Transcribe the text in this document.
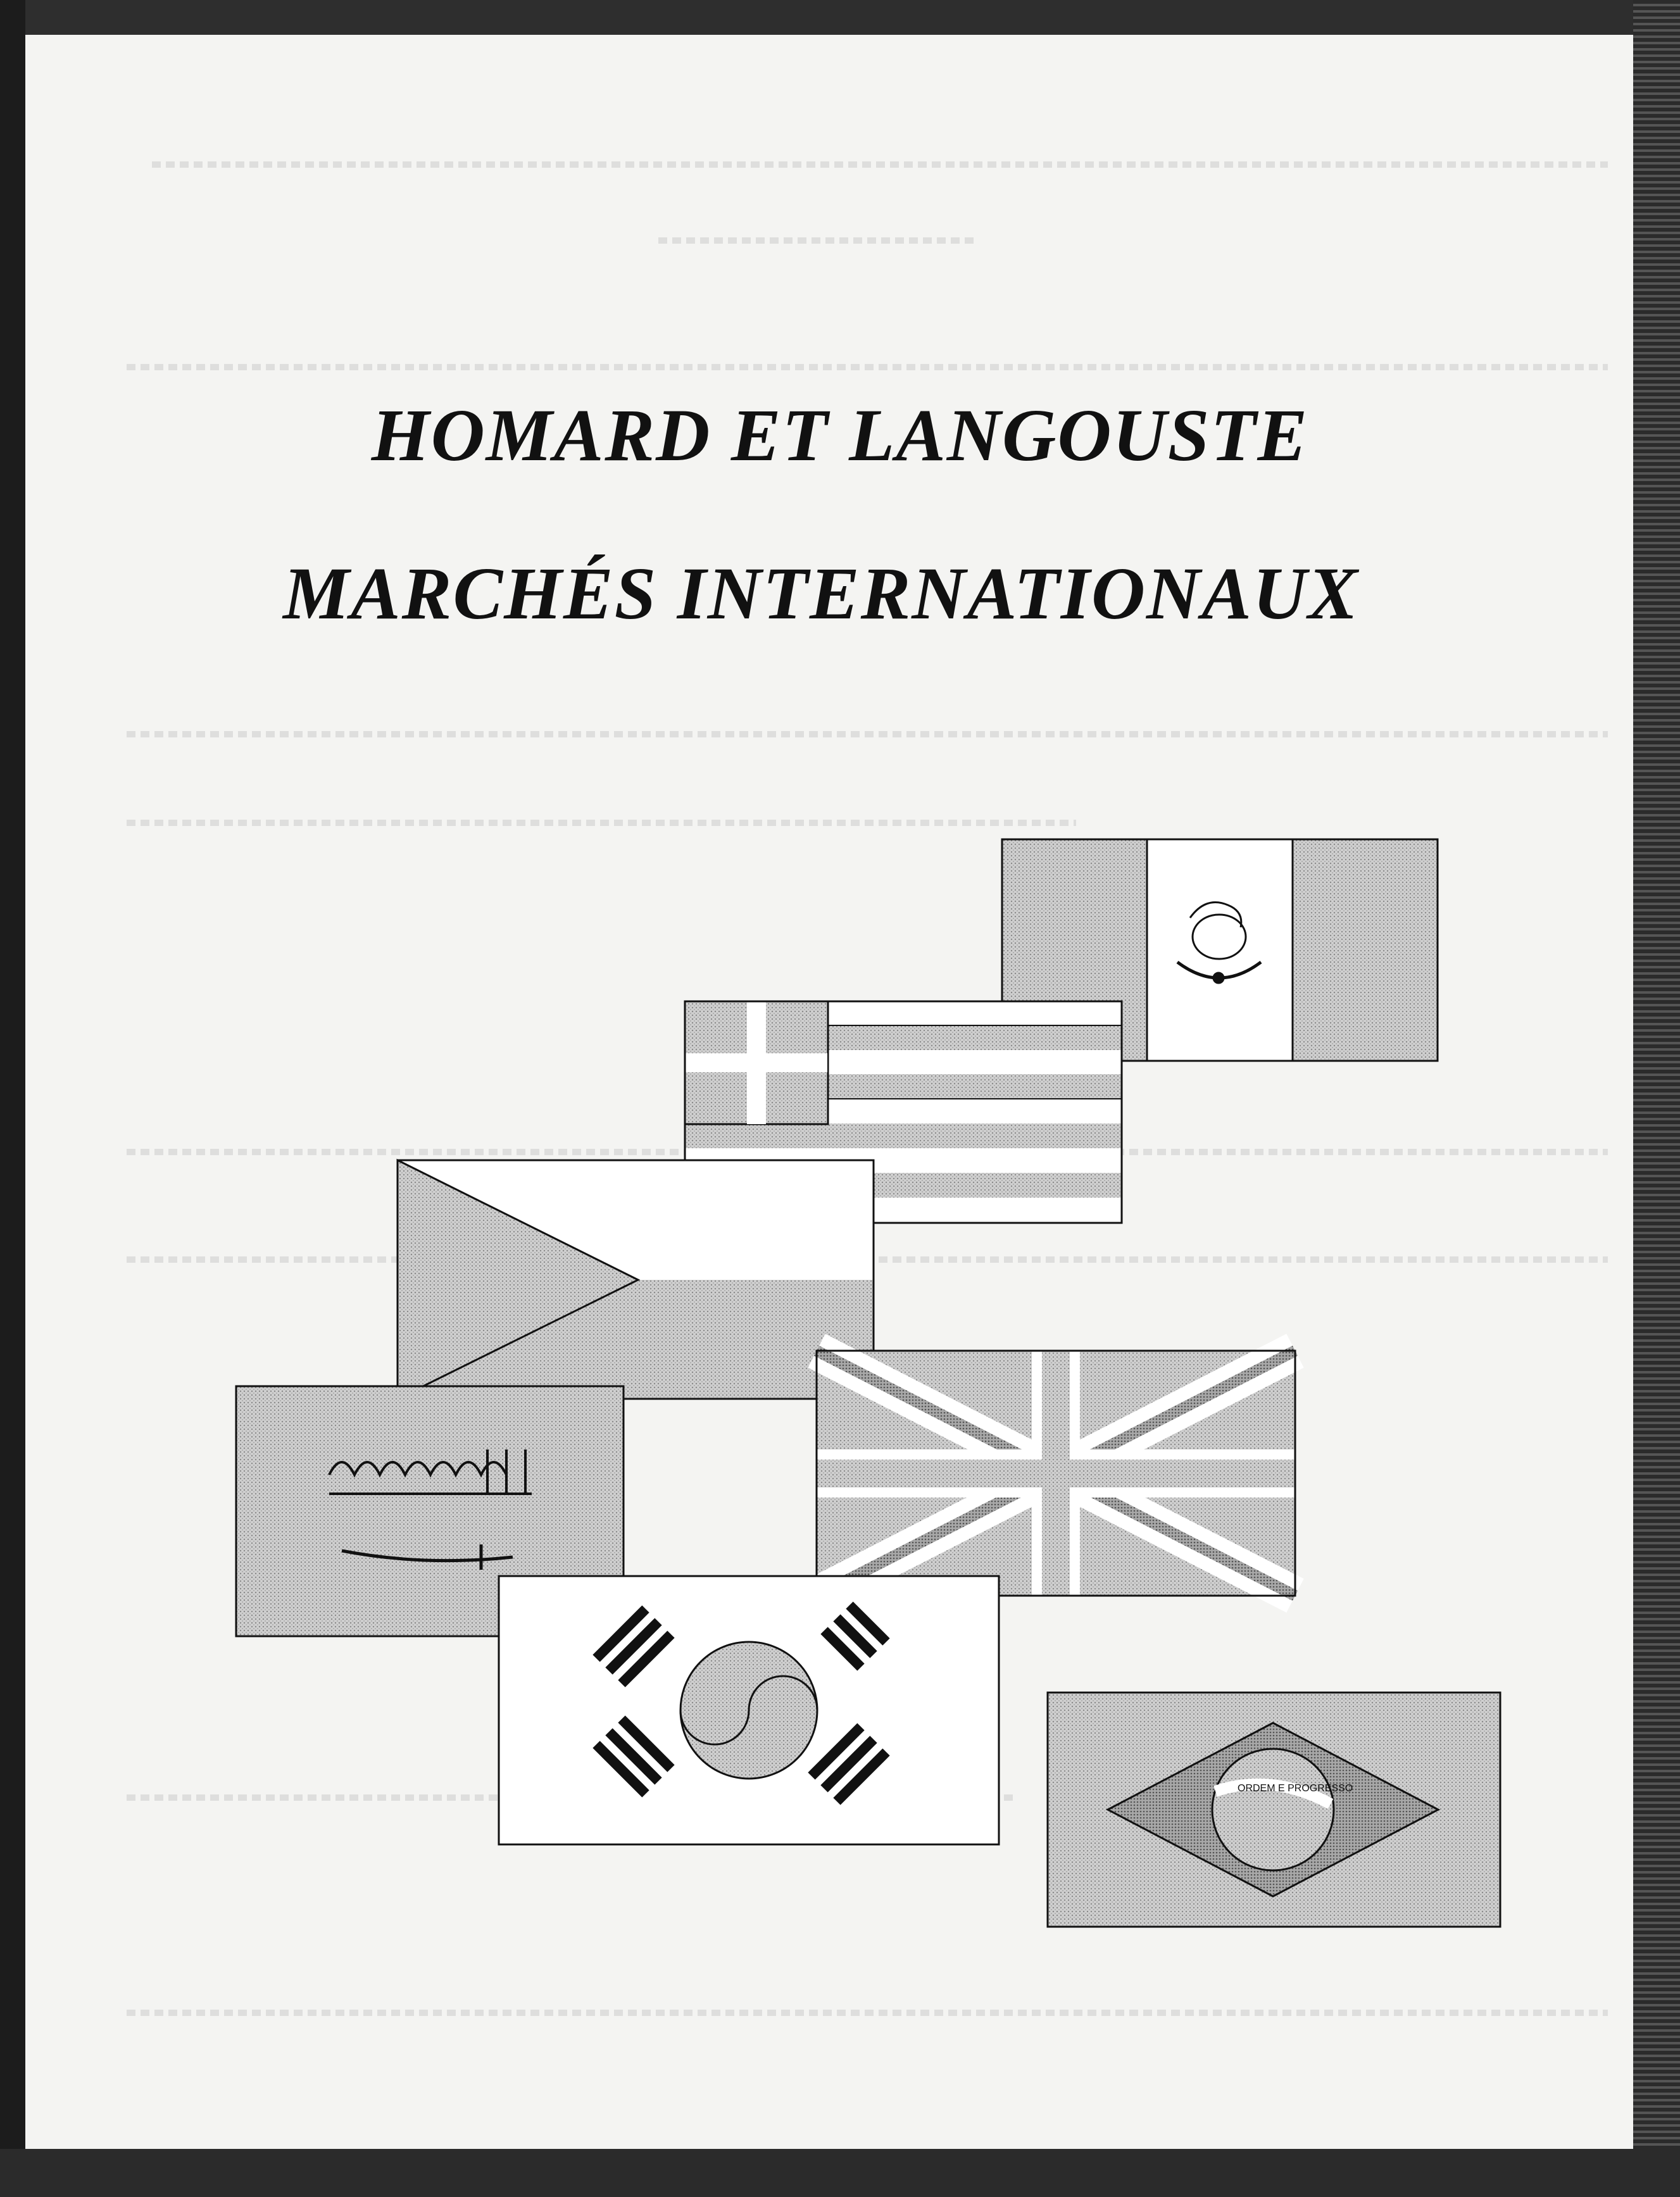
HOMARD ET LANGOUSTE
MARCHÉS INTERNATIONAUX
ORDEM E PROGRESSO
